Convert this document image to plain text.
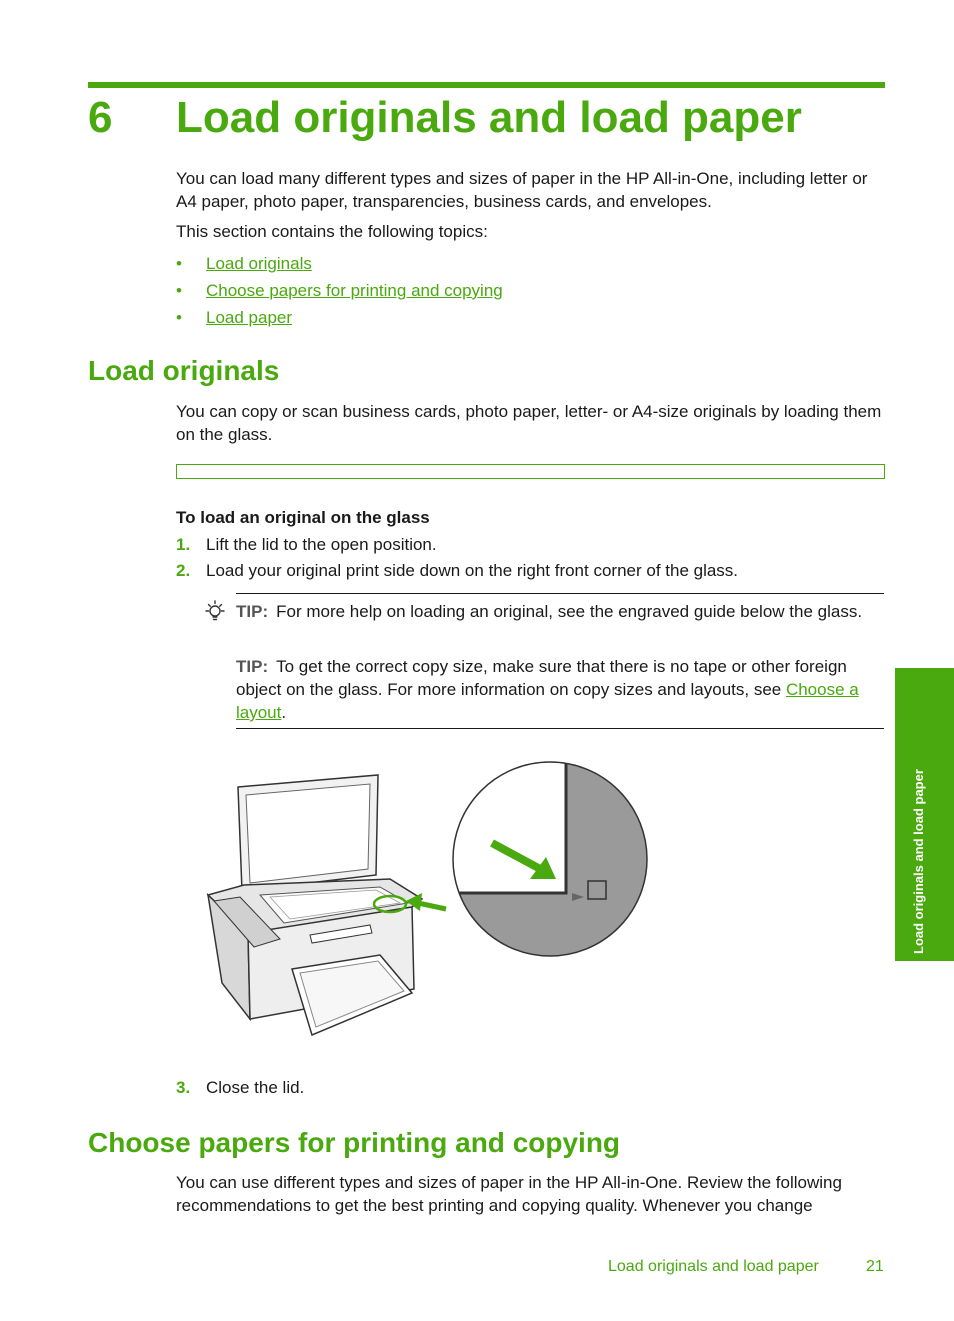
6 Load originals and load paper

You can load many different types and sizes of paper in the HP All-in-One, including letter or A4 paper, photo paper, transparencies, business cards, and envelopes.

This section contains the following topics:

• Load originals
• Choose papers for printing and copying
• Load paper
Load originals

You can copy or scan business cards, photo paper, letter- or A4-size originals by loading them on the glass.

To load an original on the glass
1. Lift the lid to the open position.
2. Load your original print side down on the right front corner of the glass.

TIP: For more help on loading an original, see the engraved guide below the glass.

TIP: To get the correct copy size, make sure that there is no tape or other foreign object on the glass. For more information on copy sizes and layouts, see Choose a layout.

3. Close the lid.
Choose papers for printing and copying

You can use different types and sizes of paper in the HP All-in-One. Review the following recommendations to get the best printing and copying quality. Whenever you change

Load originals and load paper
Load originals and load paper	21
